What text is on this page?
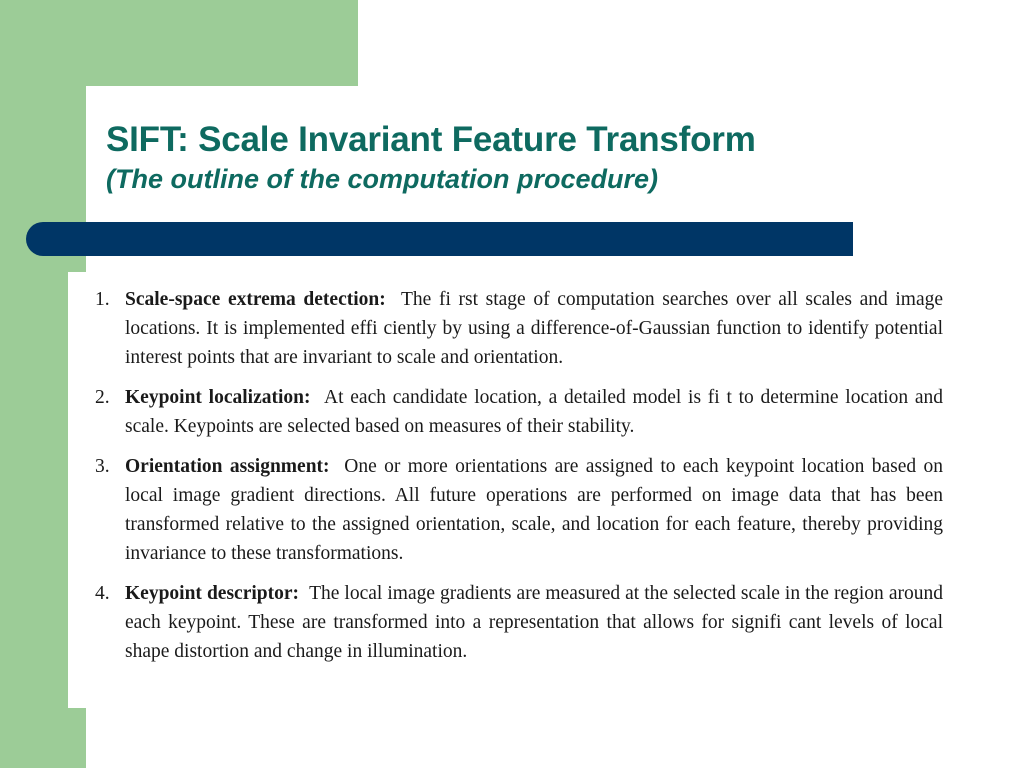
SIFT: Scale Invariant Feature Transform
(The outline of the computation procedure)
1. Scale-space extrema detection:  The fi rst stage of computation searches over all scales and image locations. It is implemented effi ciently by using a difference-of-Gaussian function to identify potential interest points that are invariant to scale and orientation.
2. Keypoint localization:  At each candidate location, a detailed model is fi t to determine location and scale. Keypoints are selected based on measures of their stability.
3. Orientation assignment:  One or more orientations are assigned to each keypoint location based on local image gradient directions. All future operations are performed on image data that has been transformed relative to the assigned orientation, scale, and location for each feature, thereby providing invariance to these transformations.
4. Keypoint descriptor:  The local image gradients are measured at the selected scale in the region around each keypoint. These are transformed into a representation that allows for signifi cant levels of local shape distortion and change in illumination.
